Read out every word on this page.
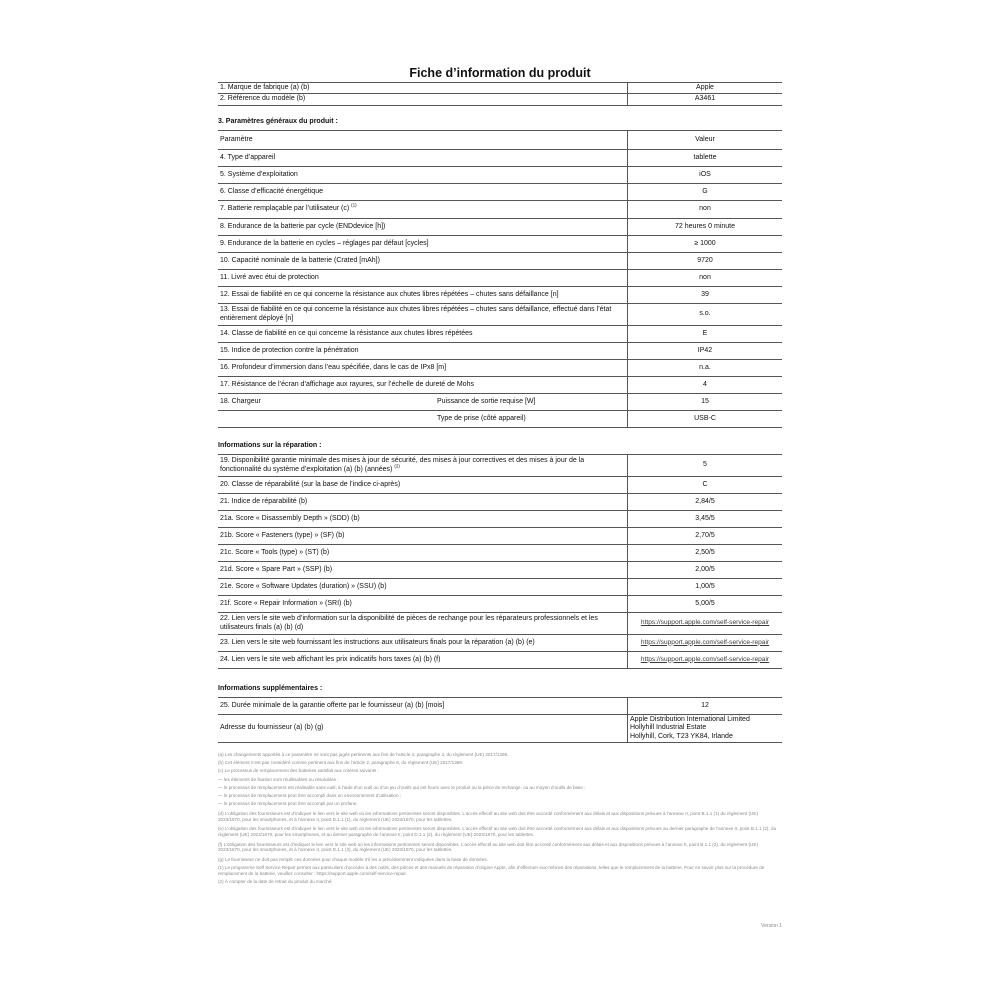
Fiche d’information du produit
1. Marque de fabrique (a) (b)	Apple
2. Référence du modèle (b)	A3461
3. Paramètres généraux du produit :
Paramètre		Valeur
4. Type d’appareil		tablette
5. Système d’exploitation		iOS
6. Classe d’efficacité énergétique		G
7. Batterie remplaçable par l’utilisateur (c) $^{(1)}$		non
8. Endurance de la batterie par cycle (ENDdevice [h])		72 heures 0 minute
9. Endurance de la batterie en cycles – réglages par défaut [cycles]		≥ 1000
10. Capacité nominale de la batterie (Crated [mAh])		9720
11. Livré avec étui de protection		non
12. Essai de fiabilité en ce qui concerne la résistance aux chutes libres répétées – chutes sans défaillance [n]		39
13. Essai de fiabilité en ce qui concerne la résistance aux chutes libres répétées – chutes sans défaillance, effectué dans l’état entièrement déployé [n]		s.o.
14. Classe de fiabilité en ce qui concerne la résistance aux chutes libres répétées		E
15. Indice de protection contre la pénétration		IP42
16. Profondeur d’immersion dans l’eau spécifiée, dans le cas de IPx8 [m]		n.a.
17. Résistance de l’écran d’affichage aux rayures, sur l’échelle de dureté de Mohs		4
18. Chargeur	Puissance de sortie requise [W]	15
	Type de prise (côté appareil)	USB-C
Informations sur la réparation :
19. Disponibilité garantie minimale des mises à jour de sécurité, des mises à jour correctives et des mises à jour de la fonctionnalité du système d’exploitation (a) (b) (années) $^{(2)}$	5
20. Classe de réparabilité (sur la base de l’indice ci-après)	C
21. Indice de réparabilité (b)	2,84/5
21a. Score « Disassembly Depth » (SDD) (b)	3,45/5
21b. Score « Fasteners (type) » (SF) (b)	2,70/5
21c. Score « Tools (type) » (ST) (b)	2,50/5
21d. Score « Spare Part » (SSP) (b)	2,00/5
21e. Score « Software Updates (duration) » (SSU) (b)	1,00/5
21f. Score « Repair Information » (SRI) (b)	5,00/5
22. Lien vers le site web d’information sur la disponibilité de pièces de rechange pour les réparateurs professionnels et les utilisateurs finals (a) (b) (d)	https://support.apple.com/self-service-repair
23. Lien vers le site web fournissant les instructions aux utilisateurs finals pour la réparation (a) (b) (e)	https://support.apple.com/self-service-repair
24. Lien vers le site web affichant les prix indicatifs hors taxes (a) (b) (f)	https://support.apple.com/self-service-repair
Informations supplémentaires :
25. Durée minimale de la garantie offerte par le fournisseur (a) (b) [mois]	12
Adresse du fournisseur (a) (b) (g)	Apple Distribution International Limited
Hollyhill Industrial Estate
Hollyhill, Cork, T23 YK84, Irlande

(a) Les changements apportés à ce paramètre ne sont pas jugés pertinents aux fins de l’article 4, paragraphe 4, du règlement (UE) 2017/1369.

(b) Cet élément n’est pas considéré comme pertinent aux fins de l’article 2, paragraphe 6, du règlement (UE) 2017/1369.

(c) Le processus de remplacement des batteries satisfait aux critères suivants :

— les éléments de fixation sont réutilisables ou résolubles ;

— le processus de remplacement est réalisable sans outil, à l’aide d’un outil ou d’un jeu d’outils qui est fourni avec le produit ou la pièce de rechange, ou au moyen d’outils de base ;

— le processus de remplacement peut être accompli dans un environnement d’utilisation ;

— le processus de remplacement peut être accompli par un profane.

(d) L’obligation des fournisseurs est d’indiquer le lien vers le site web où les informations pertinentes seront disponibles. L’accès effectif au site web doit être accordé conformément aux délais et aux dispositions prévues à l’annexe II, point B.1.1 (1) du règlement (UE) 2023/1670, pour les smartphones, et à l’annexe II, point D.1.1 (1), du règlement (UE) 2023/1670, pour les tablettes.

(e) L’obligation des fournisseurs est d’indiquer le lien vers le site web où les informations pertinentes seront disponibles. L’accès effectif au site web doit être accordé conformément aux délais et aux dispositions prévues au dernier paragraphe de l’annexe II, point B.1.1 (2), du règlement (UE) 2023/1670, pour les smartphones, et au dernier paragraphe de l’annexe II, point D.1.1 (2), du règlement (UE) 2023/1670, pour les tablettes.

(f) L’obligation des fournisseurs est d’indiquer le lien vers le site web où les informations pertinentes seront disponibles. L’accès effectif au site web doit être accordé conformément aux délais et aux dispositions prévues à l’annexe II, point B.1.1 (3), du règlement (UE) 2023/1670, pour les smartphones, et à l’annexe II, point D.1.1 (3), du règlement (UE) 2023/1670, pour les tablettes.

(g) Le fournisseur ne doit pas remplir ces données pour chaque modèle s’il les a précédemment indiquées dans la base de données.

(1) Le programme Self Service Repair permet aux particuliers d’accéder à des outils, des pièces et des manuels de réparation d’origine Apple, afin d’effectuer eux-mêmes des réparations, telles que le remplacement de la batterie. Pour en savoir plus sur la procédure de remplacement de la batterie, veuillez consulter : https://support.apple.com/self-service-repair

(2) À compter de la date de retrait du produit du marché.

Version 1
